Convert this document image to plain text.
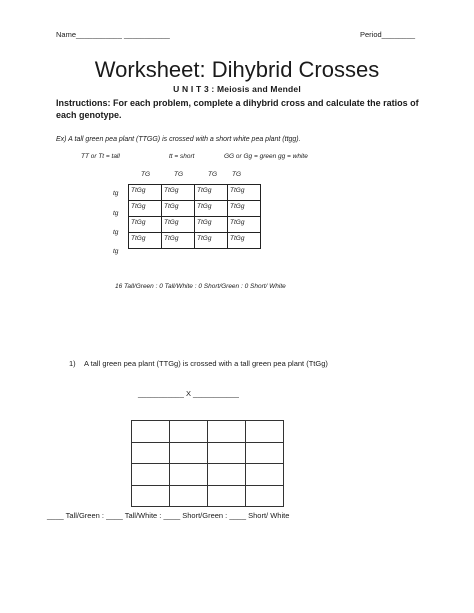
Name___________ ___________	Period________
Worksheet: Dihybrid Crosses
U N I T 3 : Meiosis and Mendel
Instructions: For each problem, complete a dihybrid cross and calculate the ratios of each genotype.
Ex) A tall green pea plant (TTGG) is crossed with a short white pea plant (ttgg).
TT or Tt = tall	tt = short	GG or Gg = green gg = white
TG	TG	TG TG
tg
tg
tg
tg
TtGg	TtGg	TtGg	TtGg
TtGg	TtGg	TtGg	TtGg
TtGg	TtGg	TtGg	TtGg
TtGg	TtGg	TtGg	TtGg
16 Tall/Green : 0 Tall/White : 0 Short/Green : 0 Short/ White
1) A tall green pea plant (TTGg) is crossed with a tall green pea plant (TtGg)
___________ X ___________

____ Tall/Green : ____ Tall/White : ____ Short/Green : ____ Short/ White
